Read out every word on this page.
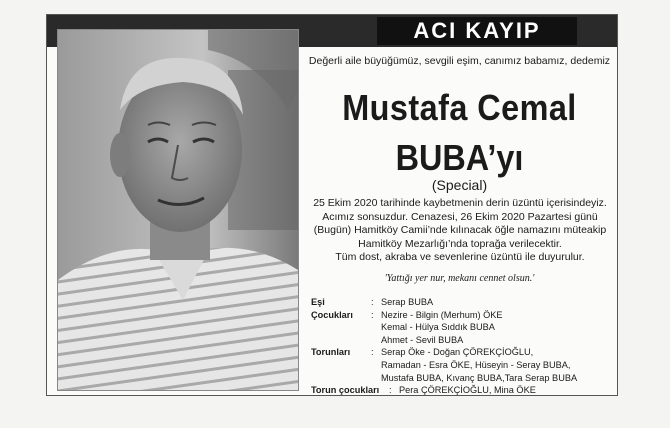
ACI KAYIP
Değerli aile büyüğümüz, sevgili eşim, canımız babamız, dedemiz
Mustafa Cemal
BUBA’yı
(Special)
25 Ekim 2020 tarihinde kaybetmenin derin üzüntü içerisindeyiz.
Acımız sonsuzdur. Cenazesi, 26 Ekim 2020 Pazartesi günü
(Bugün) Hamitköy Camii’nde kılınacak öğle namazını müteakip
Hamitköy Mezarlığı’nda toprağa verilecektir.
Tüm dost, akraba ve sevenlerine üzüntü ile duyurulur.
'Yattığı yer nur, mekanı cennet olsun.'
Eşi	: Serap BUBA
Çocukları	: Nezire - Bilgin (Merhum) ÖKE
Kemal - Hülya Sıddık BUBA
Ahmet - Sevil BUBA
Torunları	: Serap Öke - Doğan ÇÖREKÇİOĞLU,
Ramadan - Esra ÖKE, Hüseyin - Seray BUBA,
Mustafa BUBA, Kıvanç BUBA,Tara Serap BUBA
Torun çocukları	: Pera ÇÖREKÇİOĞLU, Mina ÖKE
